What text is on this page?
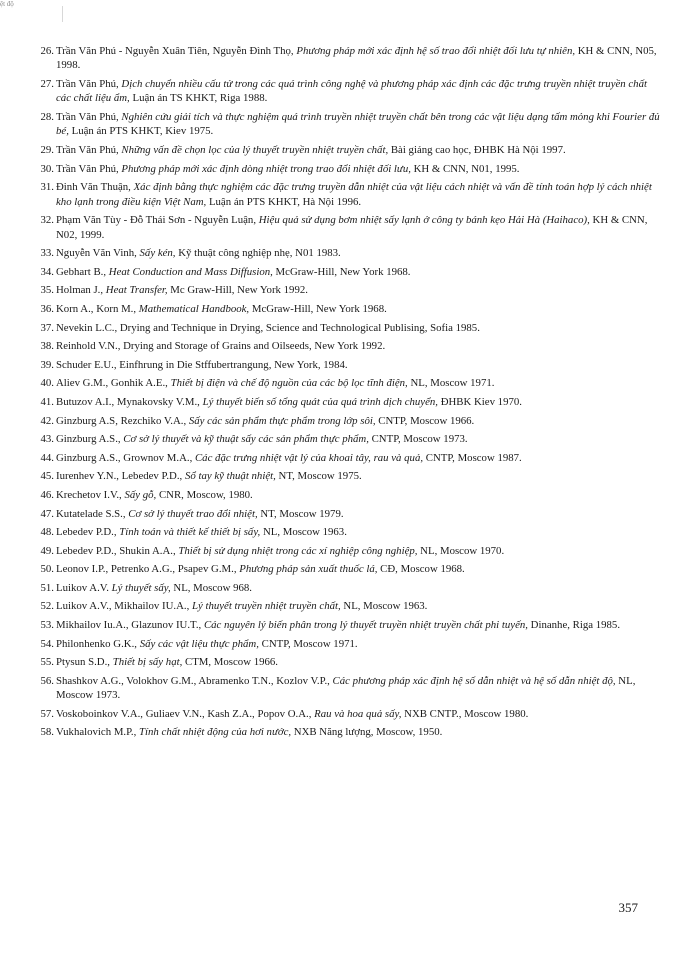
ệt độ
26. Trần Văn Phú - Nguyễn Xuân Tiên, Nguyễn Đình Thọ, Phương pháp mới xác định hệ số trao đổi nhiệt đối lưu tự nhiên, KH & CNN, N05, 1998.
27. Trần Văn Phú, Dịch chuyển nhiều cấu tử trong các quá trình công nghệ và phương pháp xác định các đặc trưng truyền nhiệt truyền chất các chất liệu ẩm, Luận án TS KHKT, Riga 1988.
28. Trần Văn Phú, Nghiên cứu giải tích và thực nghiệm quá trình truyền nhiệt truyền chất bên trong các vật liệu dạng tấm mỏng khi Fourier đủ bé, Luận án PTS KHKT, Kiev 1975.
29. Trần Văn Phú, Những vấn đề chọn lọc của lý thuyết truyền nhiệt truyền chất, Bài giảng cao học, ĐHBK Hà Nội 1997.
30. Trần Văn Phú, Phương pháp mới xác định dòng nhiệt trong trao đổi nhiệt đối lưu, KH & CNN, N01, 1995.
31. Đinh Văn Thuận, Xác định bằng thực nghiệm các đặc trưng truyền dẫn nhiệt của vật liệu cách nhiệt và vấn đề tính toán hợp lý cách nhiệt kho lạnh trong điều kiện Việt Nam, Luận án PTS KHKT, Hà Nội 1996.
32. Phạm Văn Tùy - Đỗ Thái Sơn - Nguyễn Luận, Hiệu quả sử dụng bơm nhiệt sấy lạnh ở công ty bánh kẹo Hải Hà (Haihaco), KH & CNN, N02, 1999.
33. Nguyễn Văn Vinh, Sấy kén, Kỹ thuật công nghiệp nhẹ, N01 1983.
34. Gebhart B., Heat Conduction and Mass Diffusion, McGraw-Hill, New York 1968.
35. Holman J., Heat Transfer, Mc Graw-Hill, New York 1992.
36. Korn A., Korn M., Mathematical Handbook, McGraw-Hill, New York 1968.
37. Nevekin L.C., Drying and Technique in Drying, Science and Technological Publising, Sofia 1985.
38. Reinhold V.N., Drying and Storage of Grains and Oilseeds, New York 1992.
39. Schuder E.U., Einfhrung in Die Stffubertrangung, New York, 1984.
40. Aliev G.M., Gonhik A.E., Thiết bị điện và chế độ nguồn của các bộ lọc tĩnh điện, NL, Moscow 1971.
41. Butuzov A.I., Mynakovsky V.M., Lý thuyết biến số tổng quát của quá trình dịch chuyển, ĐHBK Kiev 1970.
42. Ginzburg A.S, Rezchiko V.A., Sấy các sản phẩm thực phẩm trong lớp sôi, CNTP, Moscow 1966.
43. Ginzburg A.S., Cơ sở lý thuyết và kỹ thuật sấy các sản phẩm thực phẩm, CNTP, Moscow 1973.
44. Ginzburg A.S., Grownov M.A., Các đặc trưng nhiệt vật lý của khoai tây, rau và quả, CNTP, Moscow 1987.
45. Iurenhev Y.N., Lebedev P.D., Sổ tay kỹ thuật nhiệt, NT, Moscow 1975.
46. Krechetov I.V., Sấy gỗ, CNR, Moscow, 1980.
47. Kutatelade S.S., Cơ sở lý thuyết trao đổi nhiệt, NT, Moscow 1979.
48. Lebedev P.D., Tính toán và thiết kế thiết bị sấy, NL, Moscow 1963.
49. Lebedev P.D., Shukin A.A., Thiết bị sử dụng nhiệt trong các xí nghiệp công nghiệp, NL, Moscow 1970.
50. Leonov I.P., Petrenko A.G., Psapev G.M., Phương pháp sản xuất thuốc lá, CĐ, Moscow 1968.
51. Luikov A.V. Lý thuyết sấy, NL, Moscow 968.
52. Luikov A.V., Mikhailov IU.A., Lý thuyết truyền nhiệt truyền chất, NL, Moscow 1963.
53. Mikhailov Iu.A., Glazunov IU.T., Các nguyên lý biến phân trong lý thuyết truyền nhiệt truyền chất phi tuyến, Dinanhe, Riga 1985.
54. Philonhenko G.K., Sấy các vật liệu thực phẩm, CNTP, Moscow 1971.
55. Ptysun S.D., Thiết bị sấy hạt, CTM, Moscow 1966.
56. Shashkov A.G., Volokhov G.M., Abramenko T.N., Kozlov V.P., Các phương pháp xác định hệ số dẫn nhiệt và hệ số dẫn nhiệt độ, NL, Moscow 1973.
57. Voskoboinkov V.A., Guliaev V.N., Kash Z.A., Popov O.A., Rau và hoa quả sấy, NXB CNTP., Moscow 1980.
58. Vukhalovich M.P., Tính chất nhiệt động của hơi nước, NXB Năng lượng, Moscow, 1950.
357
